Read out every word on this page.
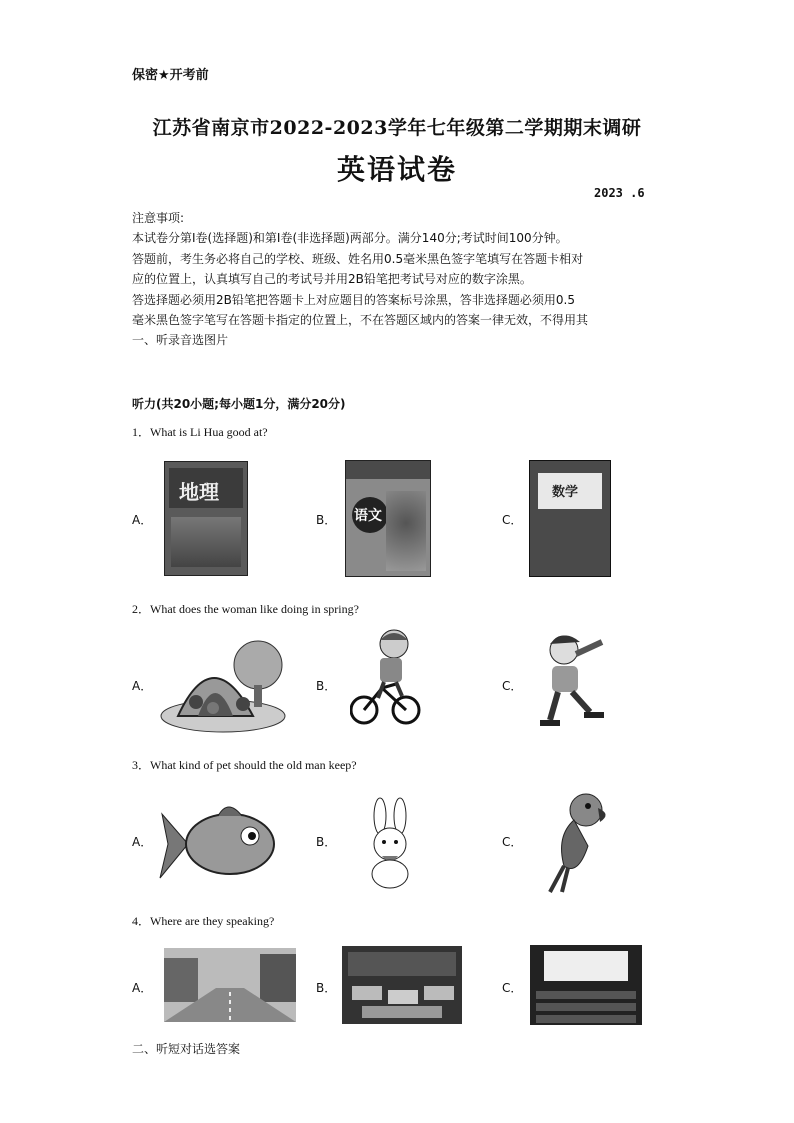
保密★开考前
江苏省南京市2022-2023学年七年级第二学期期末调研
英语试卷
2023 .6
注意事项:

本试卷分第Ⅰ卷(选择题)和第Ⅰ卷(非选择题)两部分。满分140分;考试时间100分钟。

答题前，考生务必将自己的学校、班级、姓名用0.5毫米黑色签字笔填写在答题卡相对

应的位置上，认真填写自己的考试号并用2B铅笔把考试号对应的数字涂黑。

答选择题必须用2B铅笔把答题卡上对应题目的答案标号涂黑，答非选择题必须用0.5

毫米黑色签字笔写在答题卡指定的位置上，不在答题区域内的答案一律无效，不得用其

一、听录音选图片
听力(共20小题;每小题1分，满分20分)
1．What is Li Hua good at?
A．	B．	C．
地理
语文
数学
2．What does the woman like doing in spring?
A．	B．	C．
3．What kind of pet should the old man keep?
A．	B．	C．
4．Where are they speaking?
A．	B．	C．
二、听短对话选答案
